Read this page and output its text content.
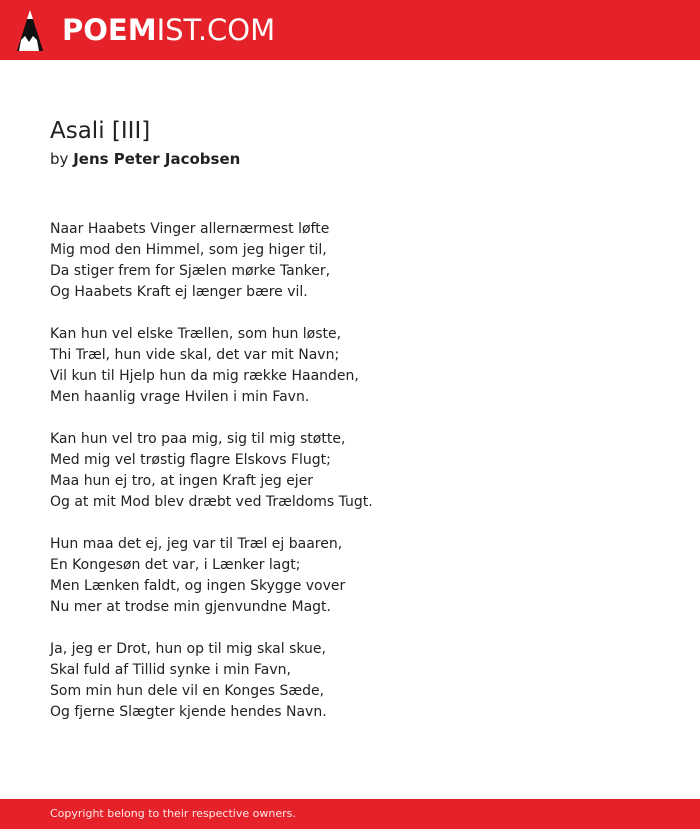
POEMIST.COM
Asali [III]
by Jens Peter Jacobsen
Naar Haabets Vinger allernærmest løfte
Mig mod den Himmel, som jeg higer til,
Da stiger frem for Sjælen mørke Tanker,
Og Haabets Kraft ej længer bære vil.
Kan hun vel elske Trællen, som hun løste,
Thi Træl, hun vide skal, det var mit Navn;
Vil kun til Hjelp hun da mig række Haanden,
Men haanlig vrage Hvilen i min Favn.
Kan hun vel tro paa mig, sig til mig støtte,
Med mig vel trøstig flagre Elskovs Flugt;
Maa hun ej tro, at ingen Kraft jeg ejer
Og at mit Mod blev dræbt ved Trældoms Tugt.
Hun maa det ej, jeg var til Træl ej baaren,
En Kongesøn det var, i Lænker lagt;
Men Lænken faldt, og ingen Skygge vover
Nu mer at trodse min gjenvundne Magt.
Ja, jeg er Drot, hun op til mig skal skue,
Skal fuld af Tillid synke i min Favn,
Som min hun dele vil en Konges Sæde,
Og fjerne Slægter kjende hendes Navn.
Copyright belong to their respective owners.
